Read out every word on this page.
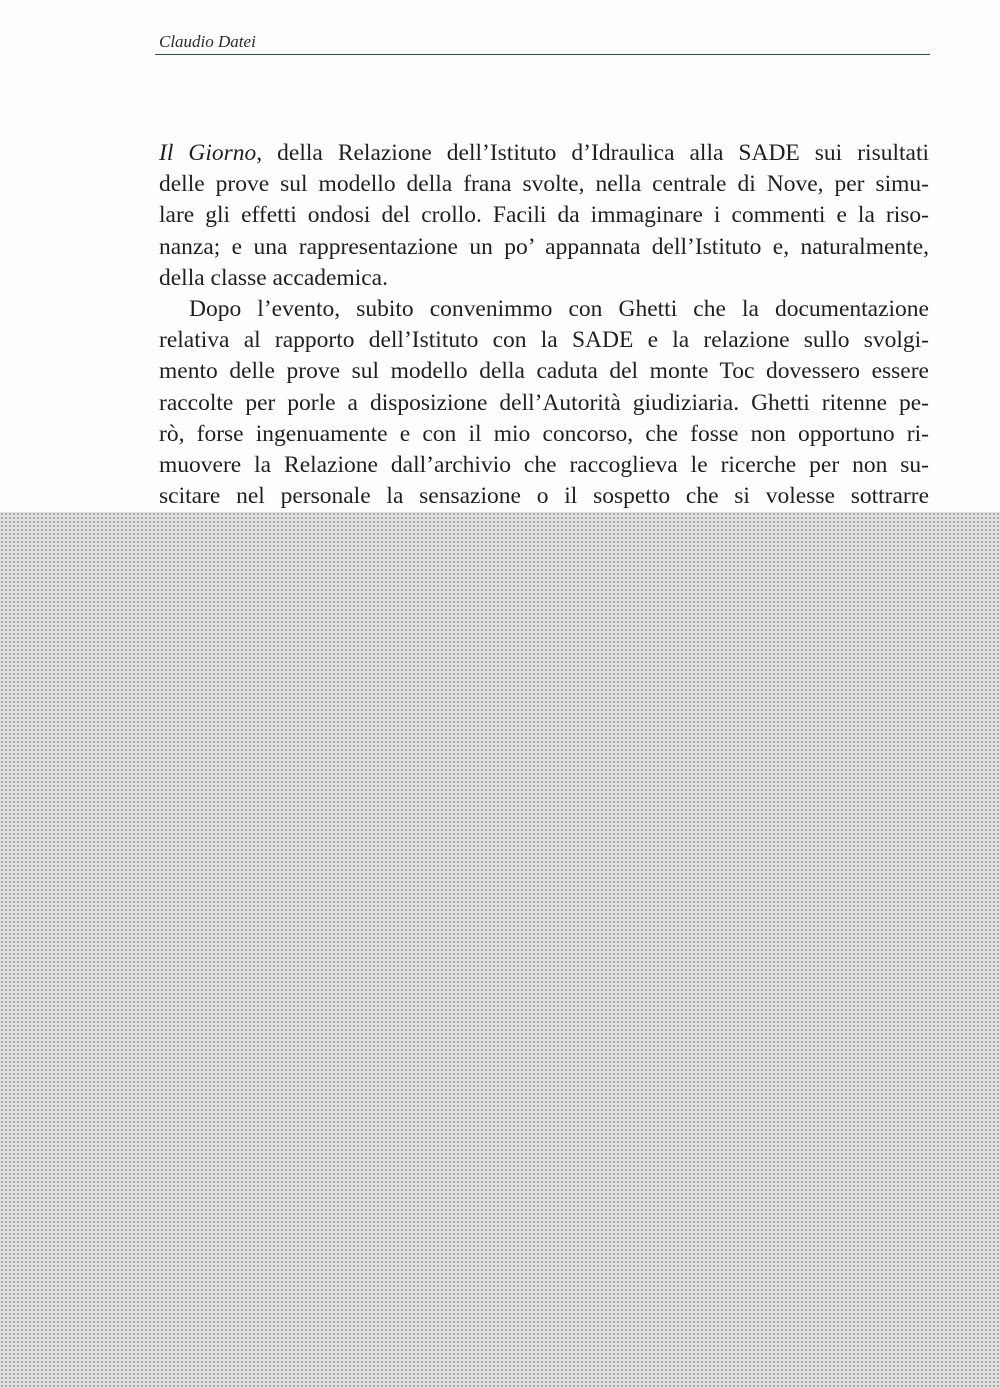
Claudio Datei
Il Giorno, della Relazione dell’Istituto d’Idraulica alla SADE sui risultati
delle prove sul modello della frana svolte, nella centrale di Nove, per simu-
lare gli effetti ondosi del crollo. Facili da immaginare i commenti e la riso-
nanza; e una rappresentazione un po’ appannata dell’Istituto e, naturalmente,
della classe accademica.
Dopo l’evento, subito convenimmo con Ghetti che la documentazione
relativa al rapporto dell’Istituto con la SADE e la relazione sullo svolgi-
mento delle prove sul modello della caduta del monte Toc dovessero essere
raccolte per porle a disposizione dell’Autorità giudiziaria. Ghetti ritenne pe-
rò, forse ingenuamente e con il mio concorso, che fosse non opportuno ri-
muovere la Relazione dall’archivio che raccoglieva le ricerche per non su-
scitare nel personale la sensazione o il sospetto che si volesse sottrarre
